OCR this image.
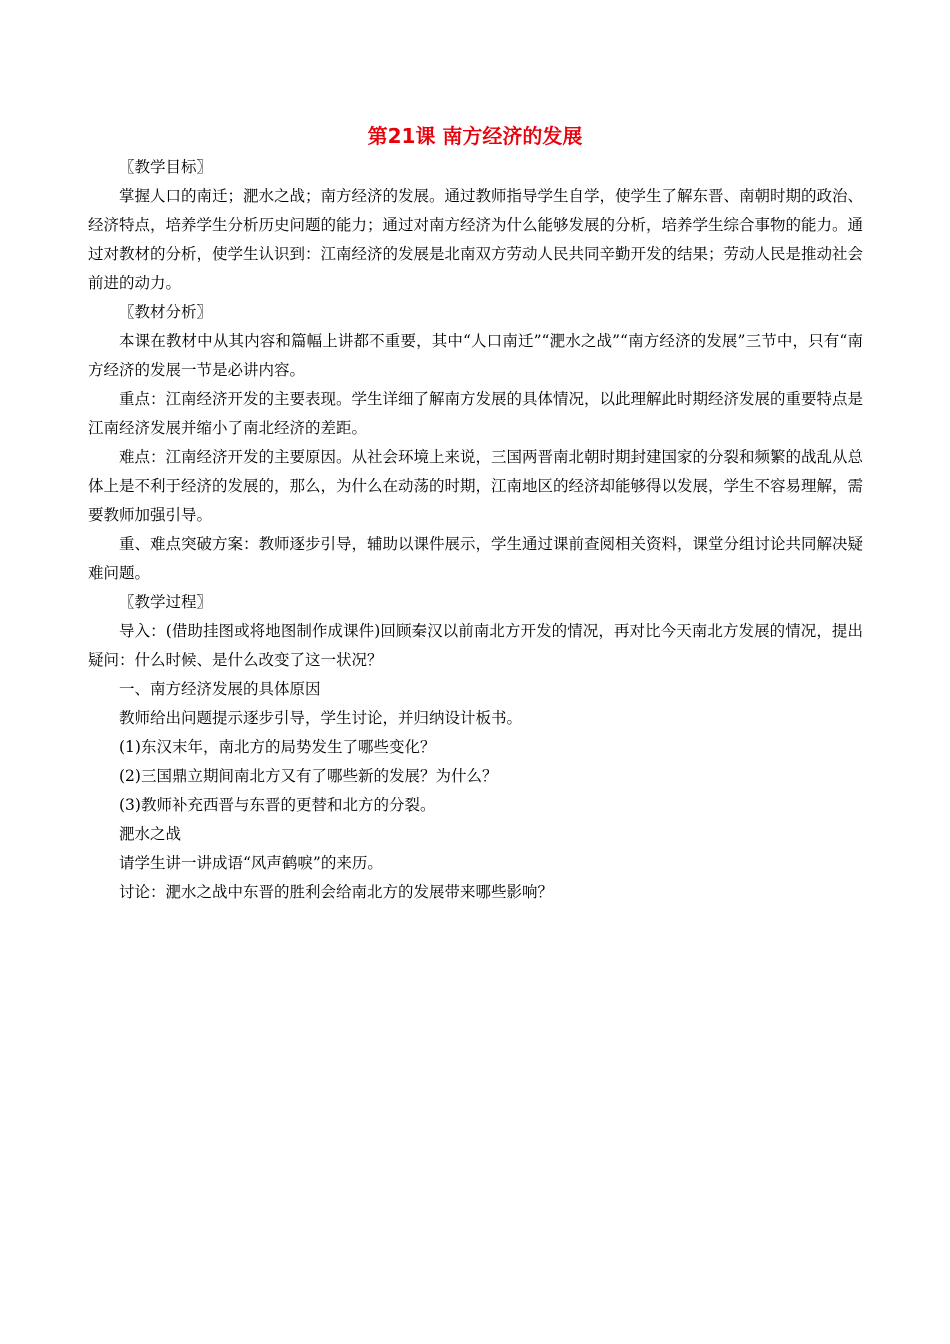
第21课 南方经济的发展

〖教学目标〗

掌握人口的南迁；淝水之战；南方经济的发展。通过教师指导学生自学，使学生了解东晋、南朝时期的政治、经济特点，培养学生分析历史问题的能力；通过对南方经济为什么能够发展的分析，培养学生综合事物的能力。通过对教材的分析，使学生认识到：江南经济的发展是北南双方劳动人民共同辛勤开发的结果；劳动人民是推动社会前进的动力。

〖教材分析〗

本课在教材中从其内容和篇幅上讲都不重要，其中“人口南迁”“淝水之战”“南方经济的发展”三节中，只有“南方经济的发展一节是必讲内容。

重点：江南经济开发的主要表现。学生详细了解南方发展的具体情况，以此理解此时期经济发展的重要特点是江南经济发展并缩小了南北经济的差距。

难点：江南经济开发的主要原因。从社会环境上来说，三国两晋南北朝时期封建国家的分裂和频繁的战乱从总体上是不利于经济的发展的，那么，为什么在动荡的时期，江南地区的经济却能够得以发展，学生不容易理解，需要教师加强引导。

重、难点突破方案：教师逐步引导，辅助以课件展示，学生通过课前查阅相关资料，课堂分组讨论共同解决疑难问题。

〖教学过程〗

导入：(借助挂图或将地图制作成课件)回顾秦汉以前南北方开发的情况，再对比今天南北方发展的情况，提出疑问：什么时候、是什么改变了这一状况？

一、南方经济发展的具体原因

教师给出问题提示逐步引导，学生讨论，并归纳设计板书。

(1)东汉末年，南北方的局势发生了哪些变化？

(2)三国鼎立期间南北方又有了哪些新的发展？为什么？

(3)教师补充西晋与东晋的更替和北方的分裂。

淝水之战

请学生讲一讲成语“风声鹤唳”的来历。

讨论：淝水之战中东晋的胜利会给南北方的发展带来哪些影响？
